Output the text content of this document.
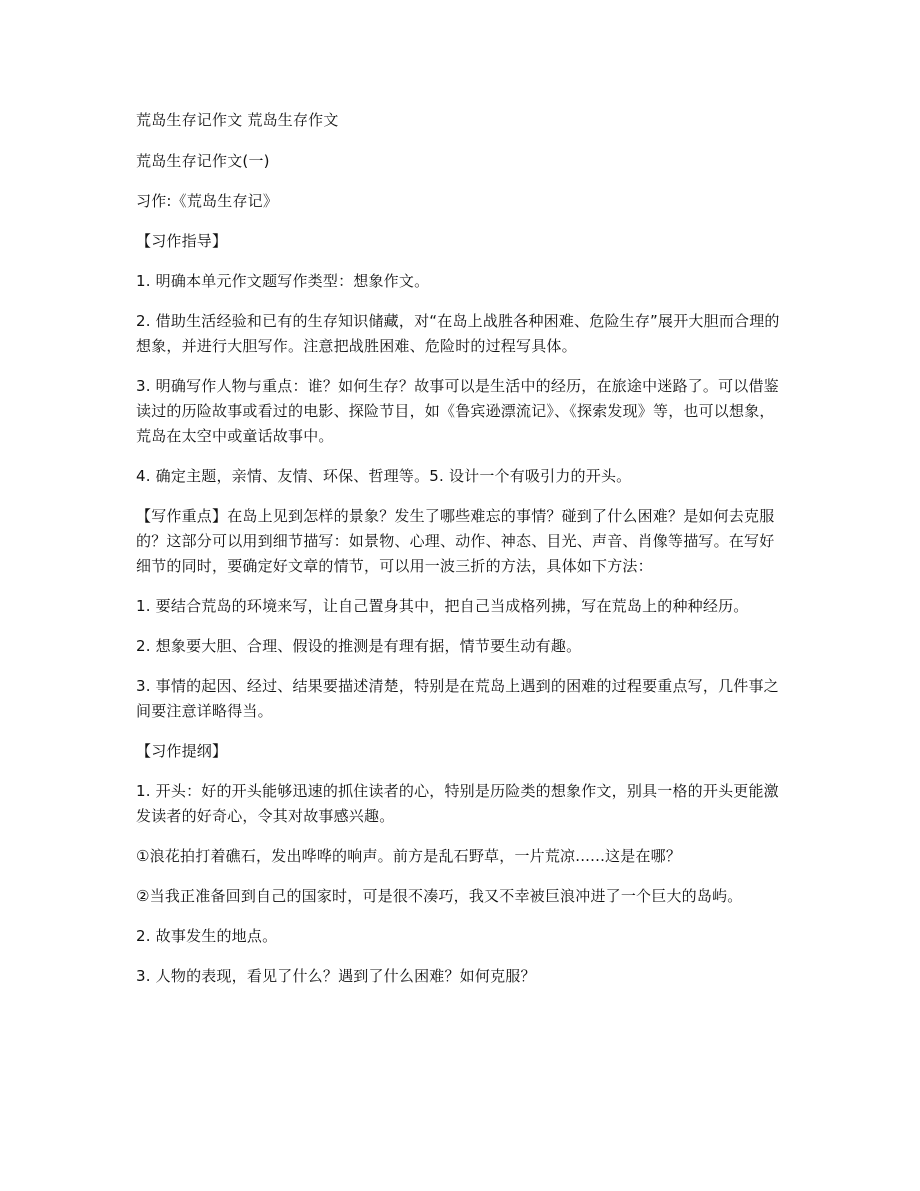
荒岛生存记作文 荒岛生存作文

荒岛生存记作文(一)

习作:《荒岛生存记》

【习作指导】

1. 明确本单元作文题写作类型：想象作文。

2. 借助生活经验和已有的生存知识储藏，对“在岛上战胜各种困难、危险生存”展开大胆而合理的想象，并进行大胆写作。注意把战胜困难、危险时的过程写具体。

3. 明确写作人物与重点：谁？如何生存？故事可以是生活中的经历，在旅途中迷路了。可以借鉴读过的历险故事或看过的电影、探险节目，如《鲁宾逊漂流记》、《探索发现》等，也可以想象，荒岛在太空中或童话故事中。

4. 确定主题，亲情、友情、环保、哲理等。5. 设计一个有吸引力的开头。

【写作重点】在岛上见到怎样的景象？发生了哪些难忘的事情？碰到了什么困难？是如何去克服的？这部分可以用到细节描写：如景物、心理、动作、神态、目光、声音、肖像等描写。在写好细节的同时，要确定好文章的情节，可以用一波三折的方法，具体如下方法：

1. 要结合荒岛的环境来写，让自己置身其中，把自己当成格列拂，写在荒岛上的种种经历。

2. 想象要大胆、合理、假设的推测是有理有据，情节要生动有趣。

3. 事情的起因、经过、结果要描述清楚，特别是在荒岛上遇到的困难的过程要重点写，几件事之间要注意详略得当。

【习作提纲】

1. 开头：好的开头能够迅速的抓住读者的心，特别是历险类的想象作文，别具一格的开头更能激发读者的好奇心，令其对故事感兴趣。

①浪花拍打着礁石，发出哗哗的响声。前方是乱石野草，一片荒凉......这是在哪？

②当我正准备回到自己的国家时，可是很不凑巧，我又不幸被巨浪冲进了一个巨大的岛屿。

2. 故事发生的地点。

3. 人物的表现，看见了什么？遇到了什么困难？如何克服？
